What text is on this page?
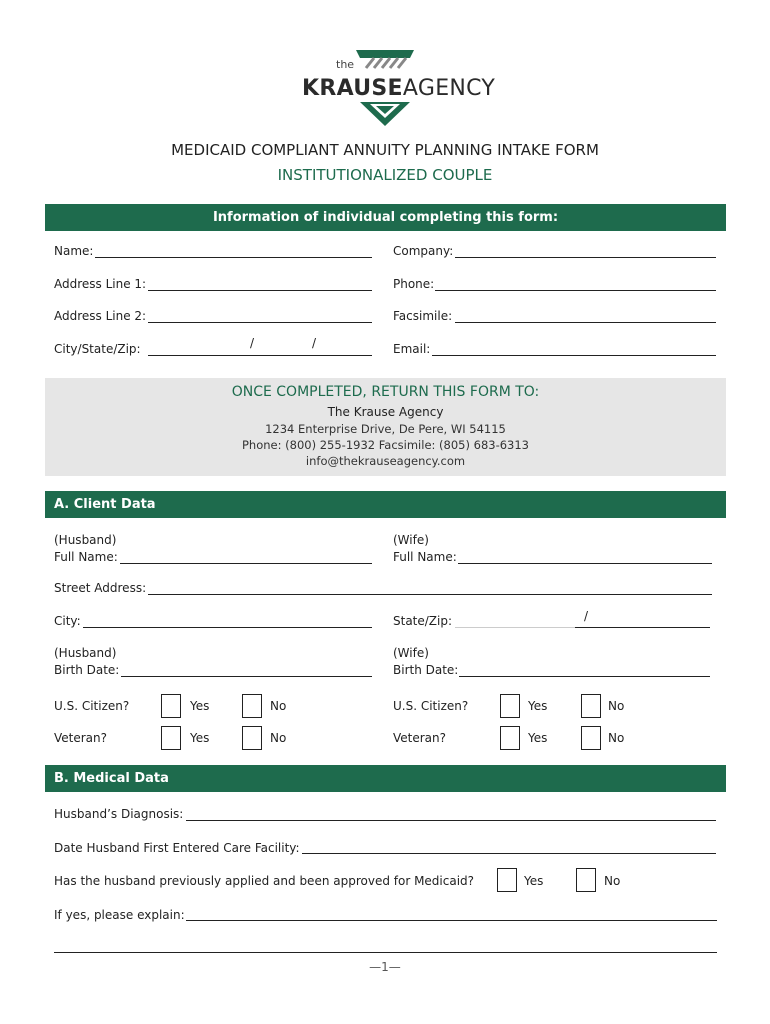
the
KRAUSEAGENCY
MEDICAID COMPLIANT ANNUITY PLANNING INTAKE FORM
INSTITUTIONALIZED COUPLE
Information of individual completing this form:
Name:	Company:
Address Line 1:	Phone:
Address Line 2:	Facsimile:
City/State/Zip:	/	/	Email:
ONCE COMPLETED, RETURN THIS FORM TO:
The Krause Agency
1234 Enterprise Drive, De Pere, WI 54115
Phone: (800) 255-1932 Facsimile: (805) 683-6313
info@thekrauseagency.com
A. Client Data
(Husband)
Full Name:
(Wife)
Full Name:
Street Address:
City:	State/Zip:	/
(Husband)
Birth Date:
(Wife)
Birth Date:
U.S. Citizen?	Yes	No	U.S. Citizen?	Yes	No
Veteran?	Yes	No	Veteran?	Yes	No
B. Medical Data
Husband’s Diagnosis:
Date Husband First Entered Care Facility:
Has the husband previously applied and been approved for Medicaid?	Yes	No
If yes, please explain:
—1—
